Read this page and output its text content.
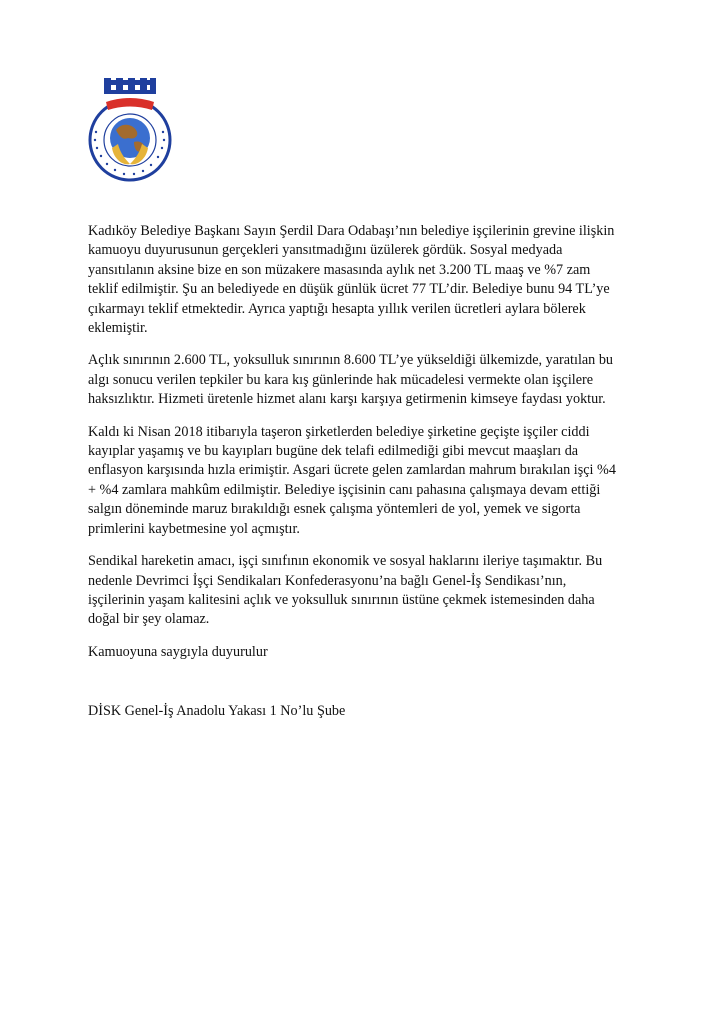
Kadıköy Belediye Başkanı Sayın Şerdil Dara Odabaşı’nın belediye işçilerinin grevine ilişkin
kamuoyu duyurusunun gerçekleri yansıtmadığını üzülerek gördük. Sosyal medyada
yansıtılanın aksine bize en son müzakere masasında aylık net 3.200 TL maaş ve %7 zam
teklif edilmiştir. Şu an belediyede en düşük günlük ücret 77 TL’dir. Belediye bunu 94 TL’ye
çıkarmayı teklif etmektedir. Ayrıca yaptığı hesapta yıllık verilen ücretleri aylara bölerek
eklemiştir.

Açlık sınırının 2.600 TL, yoksulluk sınırının 8.600 TL’ye yükseldiği ülkemizde, yaratılan bu
algı sonucu verilen tepkiler bu kara kış günlerinde hak mücadelesi vermekte olan işçilere
haksızlıktır. Hizmeti üretenle hizmet alanı karşı karşıya getirmenin kimseye faydası yoktur.

Kaldı ki Nisan 2018 itibarıyla taşeron şirketlerden belediye şirketine geçişte işçiler ciddi
kayıplar yaşamış ve bu kayıpları bugüne dek telafi edilmediği gibi mevcut maaşları da
enflasyon karşısında hızla erimiştir. Asgari ücrete gelen zamlardan mahrum bırakılan işçi %4
+ %4 zamlara mahkûm edilmiştir. Belediye işçisinin canı pahasına çalışmaya devam ettiği
salgın döneminde maruz bırakıldığı esnek çalışma yöntemleri de yol, yemek ve sigorta
primlerini kaybetmesine yol açmıştır.

Sendikal hareketin amacı, işçi sınıfının ekonomik ve sosyal haklarını ileriye taşımaktır. Bu
nedenle Devrimci İşçi Sendikaları Konfederasyonu’na bağlı Genel-İş Sendikası’nın,
işçilerinin yaşam kalitesini açlık ve yoksulluk sınırının üstüne çekmek istemesinden daha
doğal bir şey olamaz.

Kamuoyuna saygıyla duyurulur

DİSK Genel-İş Anadolu Yakası 1 No’lu Şube
